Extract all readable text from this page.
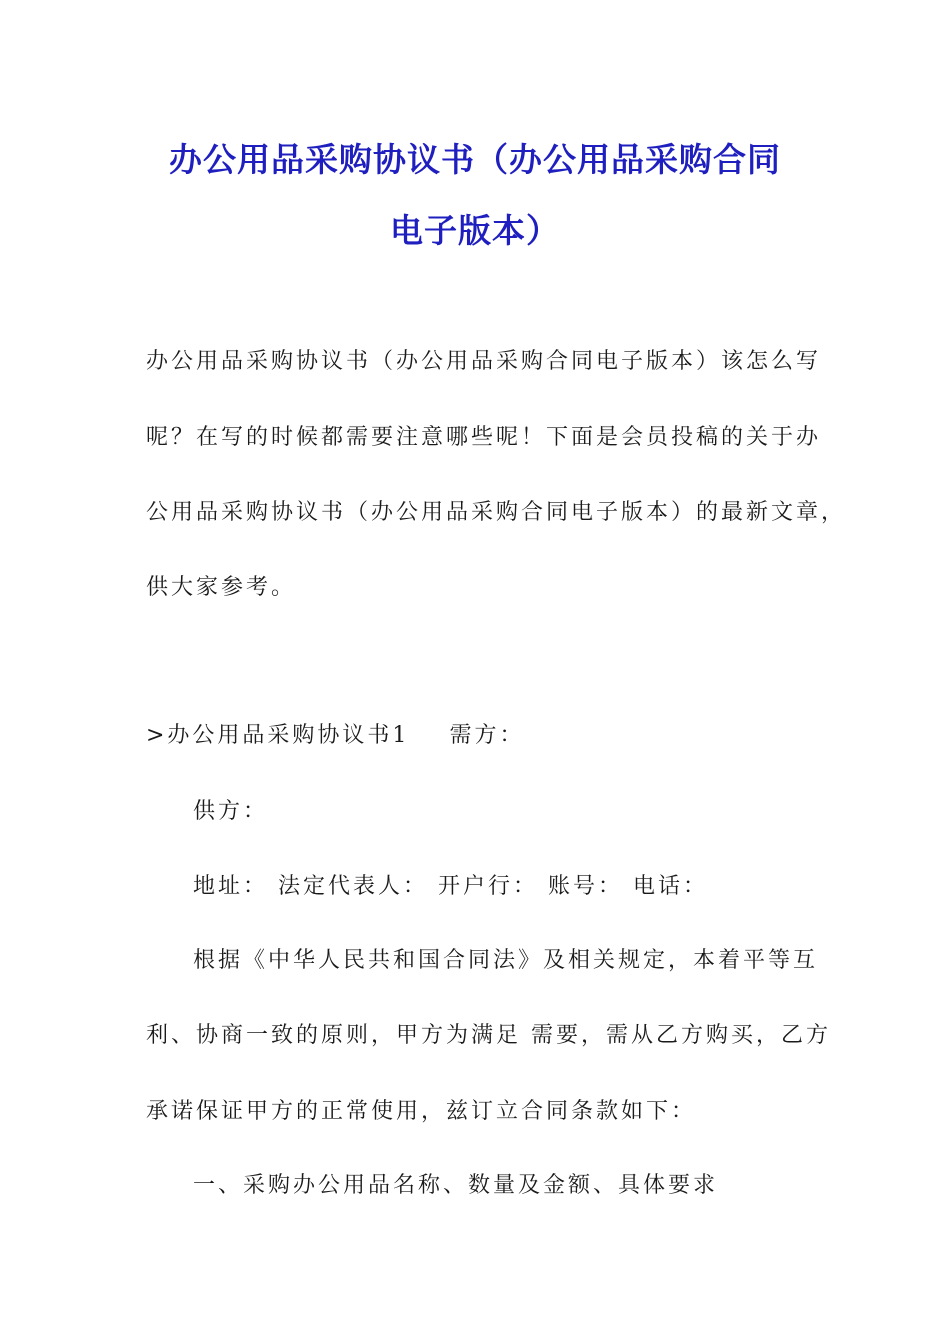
办公用品采购协议书（办公用品采购合同
电子版本）
办公用品采购协议书（办公用品采购合同电子版本）该怎么写
呢？在写的时候都需要注意哪些呢！下面是会员投稿的关于办
公用品采购协议书（办公用品采购合同电子版本）的最新文章，
供大家参考。
>办公用品采购协议书1 需方：
供方：
地址： 法定代表人： 开户行： 账号： 电话：
根据《中华人民共和国合同法》及相关规定，本着平等互
利、协商一致的原则，甲方为满足 需要，需从乙方购买，乙方
承诺保证甲方的正常使用，兹订立合同条款如下：
一、采购办公用品名称、数量及金额、具体要求
